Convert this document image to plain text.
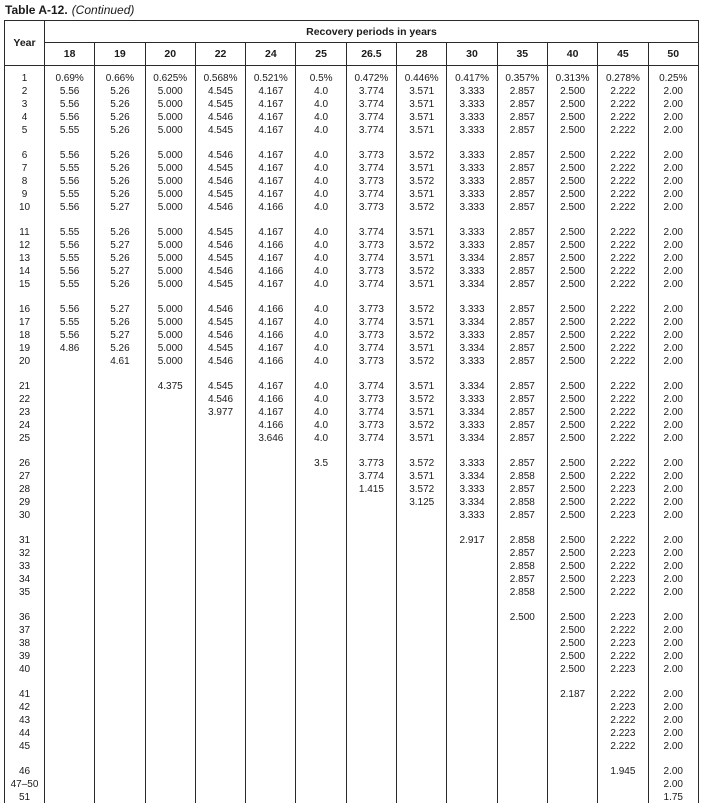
Table A-12. (Continued)
Year	Recovery periods in years												
	18	19	20	22	24	25	26.5	28	30	35	40	45	50

1	0.69%	0.66%	0.625%	0.568%	0.521%	0.5%	0.472%	0.446%	0.417%	0.357%	0.313%	0.278%	0.25%
2	5.56	5.26	5.000	4.545	4.167	4.0	3.774	3.571	3.333	2.857	2.500	2.222	2.00
3	5.56	5.26	5.000	4.545	4.167	4.0	3.774	3.571	3.333	2.857	2.500	2.222	2.00
4	5.56	5.26	5.000	4.546	4.167	4.0	3.774	3.571	3.333	2.857	2.500	2.222	2.00
5	5.55	5.26	5.000	4.545	4.167	4.0	3.774	3.571	3.333	2.857	2.500	2.222	2.00

6	5.56	5.26	5.000	4.546	4.167	4.0	3.773	3.572	3.333	2.857	2.500	2.222	2.00
7	5.55	5.26	5.000	4.545	4.167	4.0	3.774	3.571	3.333	2.857	2.500	2.222	2.00
8	5.56	5.26	5.000	4.546	4.167	4.0	3.773	3.572	3.333	2.857	2.500	2.222	2.00
9	5.55	5.26	5.000	4.545	4.167	4.0	3.774	3.571	3.333	2.857	2.500	2.222	2.00
10	5.56	5.27	5.000	4.546	4.166	4.0	3.773	3.572	3.333	2.857	2.500	2.222	2.00

11	5.55	5.26	5.000	4.545	4.167	4.0	3.774	3.571	3.333	2.857	2.500	2.222	2.00
12	5.56	5.27	5.000	4.546	4.166	4.0	3.773	3.572	3.333	2.857	2.500	2.222	2.00
13	5.55	5.26	5.000	4.545	4.167	4.0	3.774	3.571	3.334	2.857	2.500	2.222	2.00
14	5.56	5.27	5.000	4.546	4.166	4.0	3.773	3.572	3.333	2.857	2.500	2.222	2.00
15	5.55	5.26	5.000	4.545	4.167	4.0	3.774	3.571	3.334	2.857	2.500	2.222	2.00

16	5.56	5.27	5.000	4.546	4.166	4.0	3.773	3.572	3.333	2.857	2.500	2.222	2.00
17	5.55	5.26	5.000	4.545	4.167	4.0	3.774	3.571	3.334	2.857	2.500	2.222	2.00
18	5.56	5.27	5.000	4.546	4.166	4.0	3.773	3.572	3.333	2.857	2.500	2.222	2.00
19	4.86	5.26	5.000	4.545	4.167	4.0	3.774	3.571	3.334	2.857	2.500	2.222	2.00
20		4.61	5.000	4.546	4.166	4.0	3.773	3.572	3.333	2.857	2.500	2.222	2.00

21			4.375	4.545	4.167	4.0	3.774	3.571	3.334	2.857	2.500	2.222	2.00
22				4.546	4.166	4.0	3.773	3.572	3.333	2.857	2.500	2.222	2.00
23				3.977	4.167	4.0	3.774	3.571	3.334	2.857	2.500	2.222	2.00
24					4.166	4.0	3.773	3.572	3.333	2.857	2.500	2.222	2.00
25					3.646	4.0	3.774	3.571	3.334	2.857	2.500	2.222	2.00

26						3.5	3.773	3.572	3.333	2.857	2.500	2.222	2.00
27							3.774	3.571	3.334	2.858	2.500	2.222	2.00
28							1.415	3.572	3.333	2.857	2.500	2.223	2.00
29								3.125	3.334	2.858	2.500	2.222	2.00
30									3.333	2.857	2.500	2.223	2.00

31									2.917	2.858	2.500	2.222	2.00
32										2.857	2.500	2.223	2.00
33										2.858	2.500	2.222	2.00
34										2.857	2.500	2.223	2.00
35										2.858	2.500	2.222	2.00

36										2.500	2.500	2.223	2.00
37											2.500	2.222	2.00
38											2.500	2.223	2.00
39											2.500	2.222	2.00
40											2.500	2.223	2.00

41											2.187	2.222	2.00
42												2.223	2.00
43												2.222	2.00
44												2.223	2.00
45												2.222	2.00

46												1.945	2.00
47–50													2.00
51													1.75
